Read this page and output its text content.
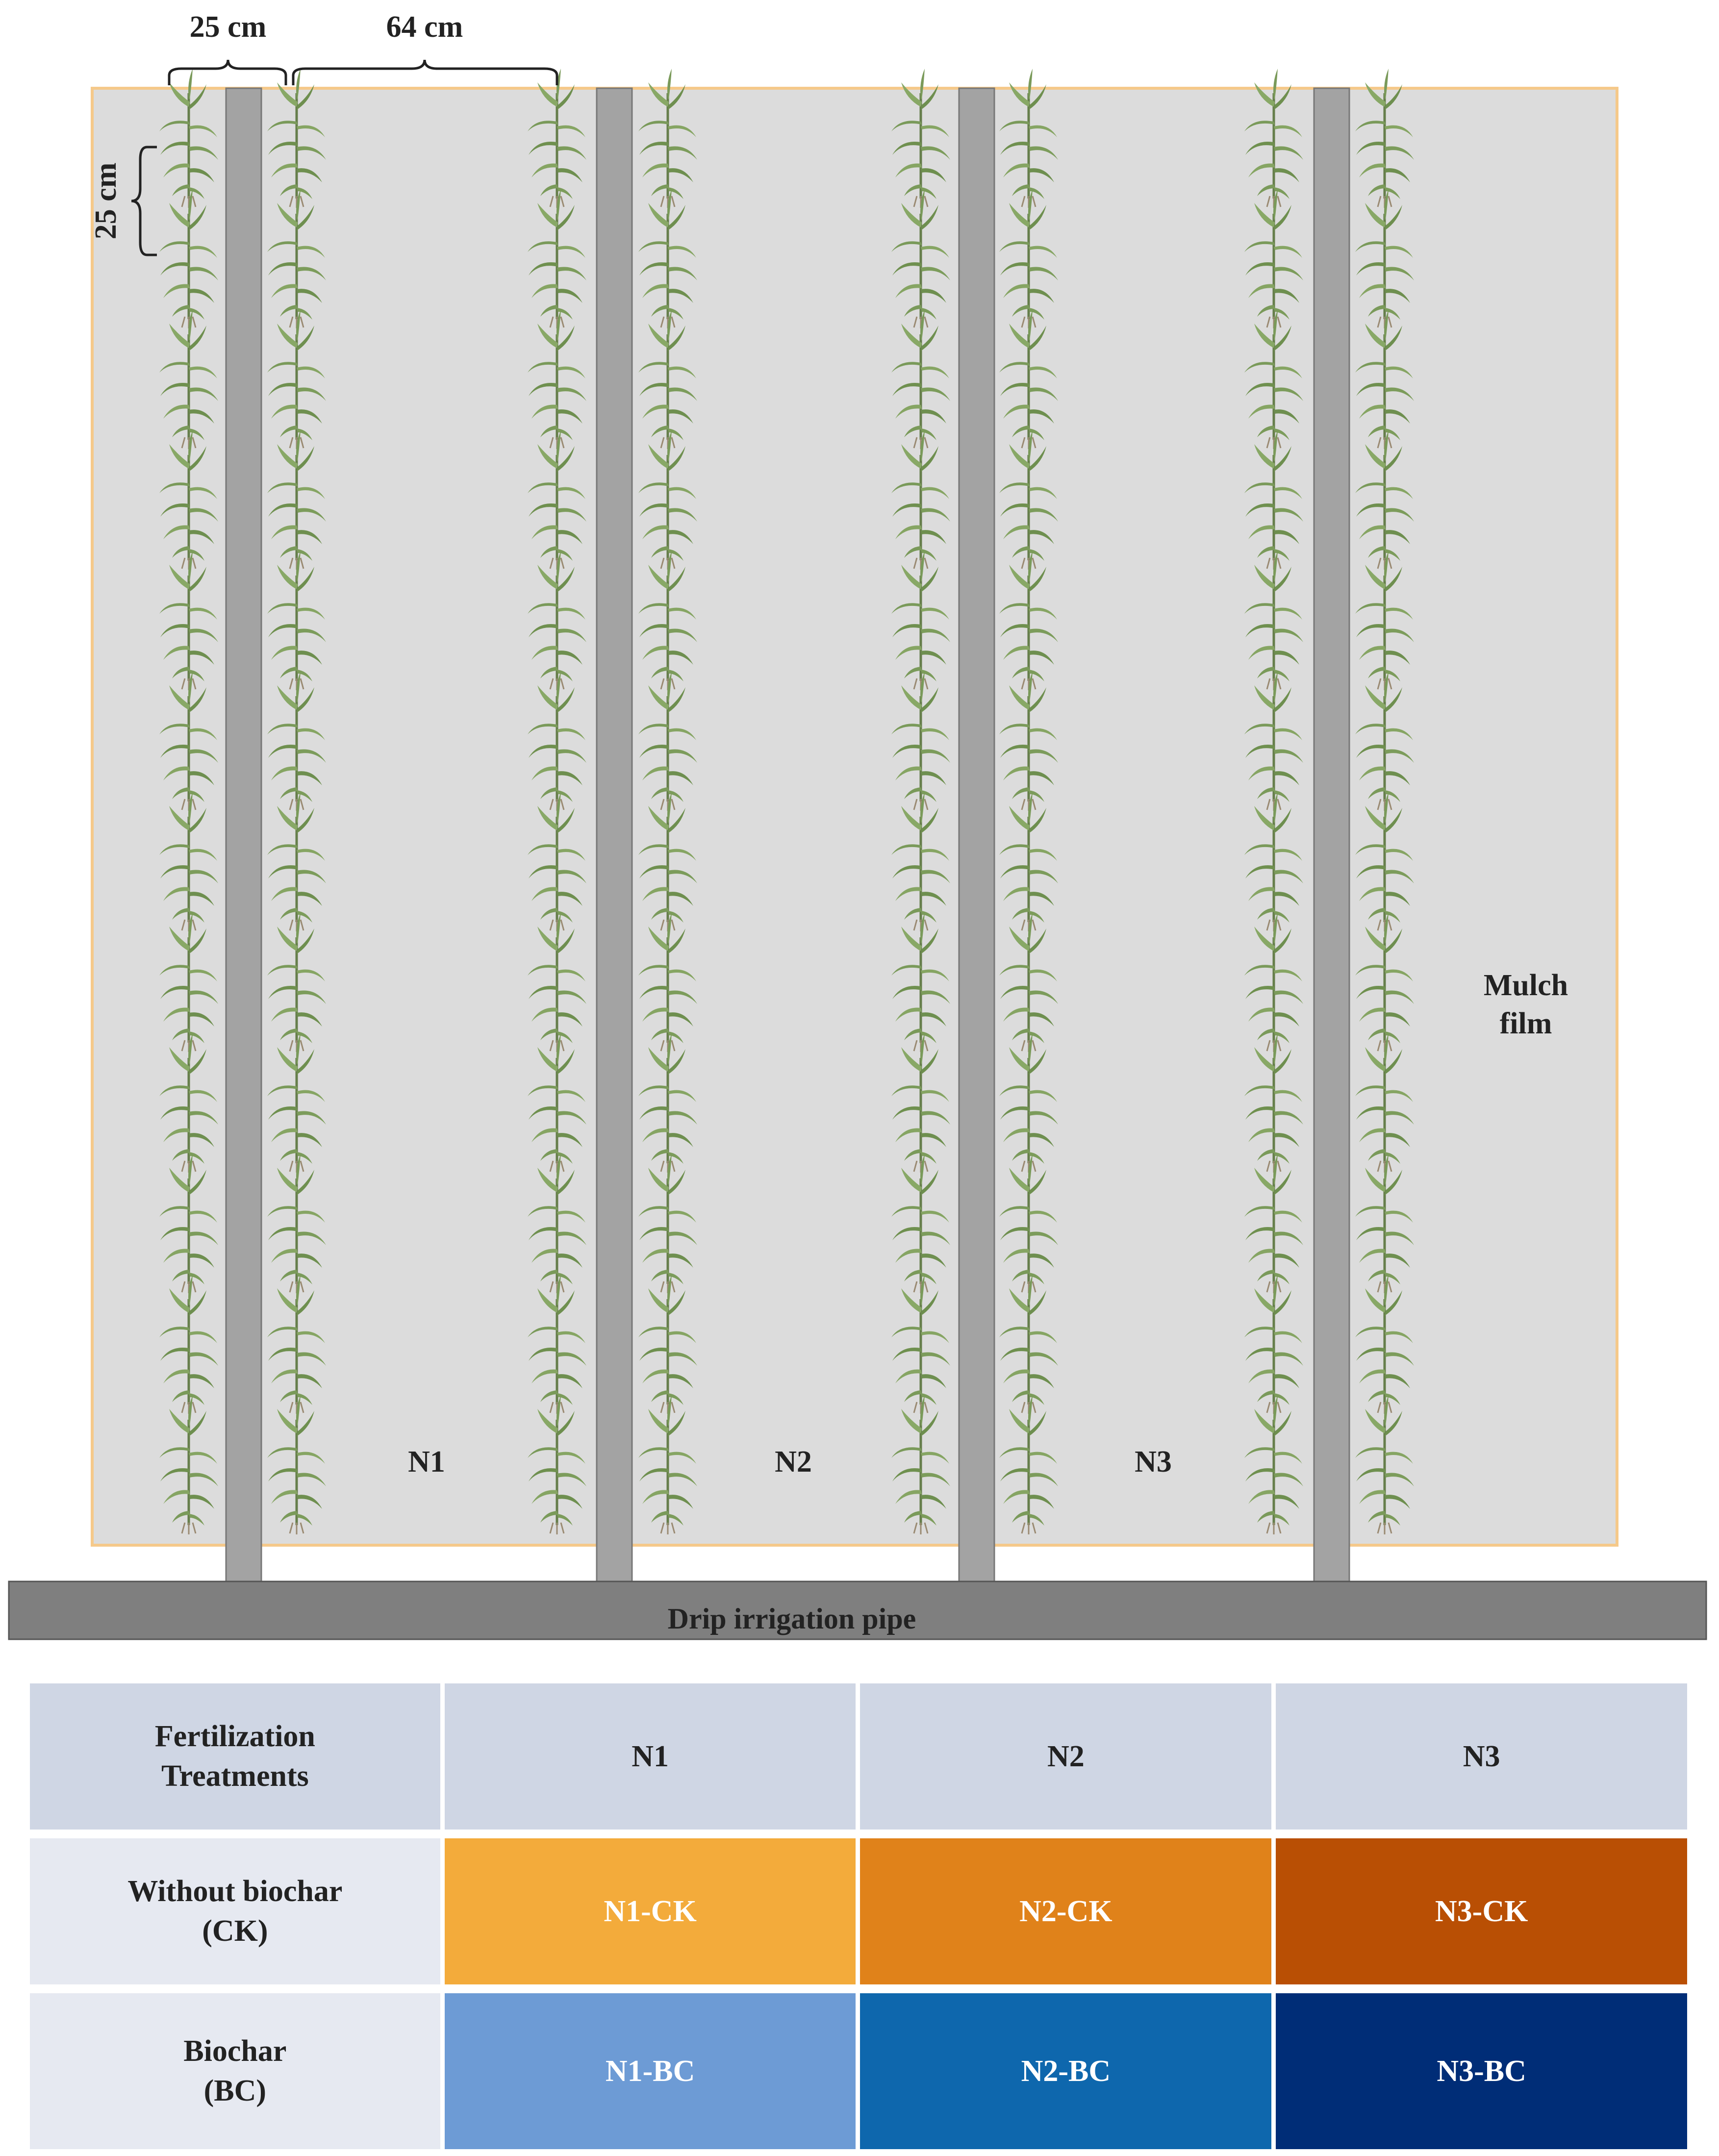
Drip irrigation pipe
25 cm	64 cm
25 cm
N1	N2	N3
Mulch
film
Fertilization
Treatments	N1	N2	N3

Without biochar
(CK)	N1-CK	N2-CK	N3-CK

Biochar
(BC)	N1-BC	N2-BC	N3-BC
